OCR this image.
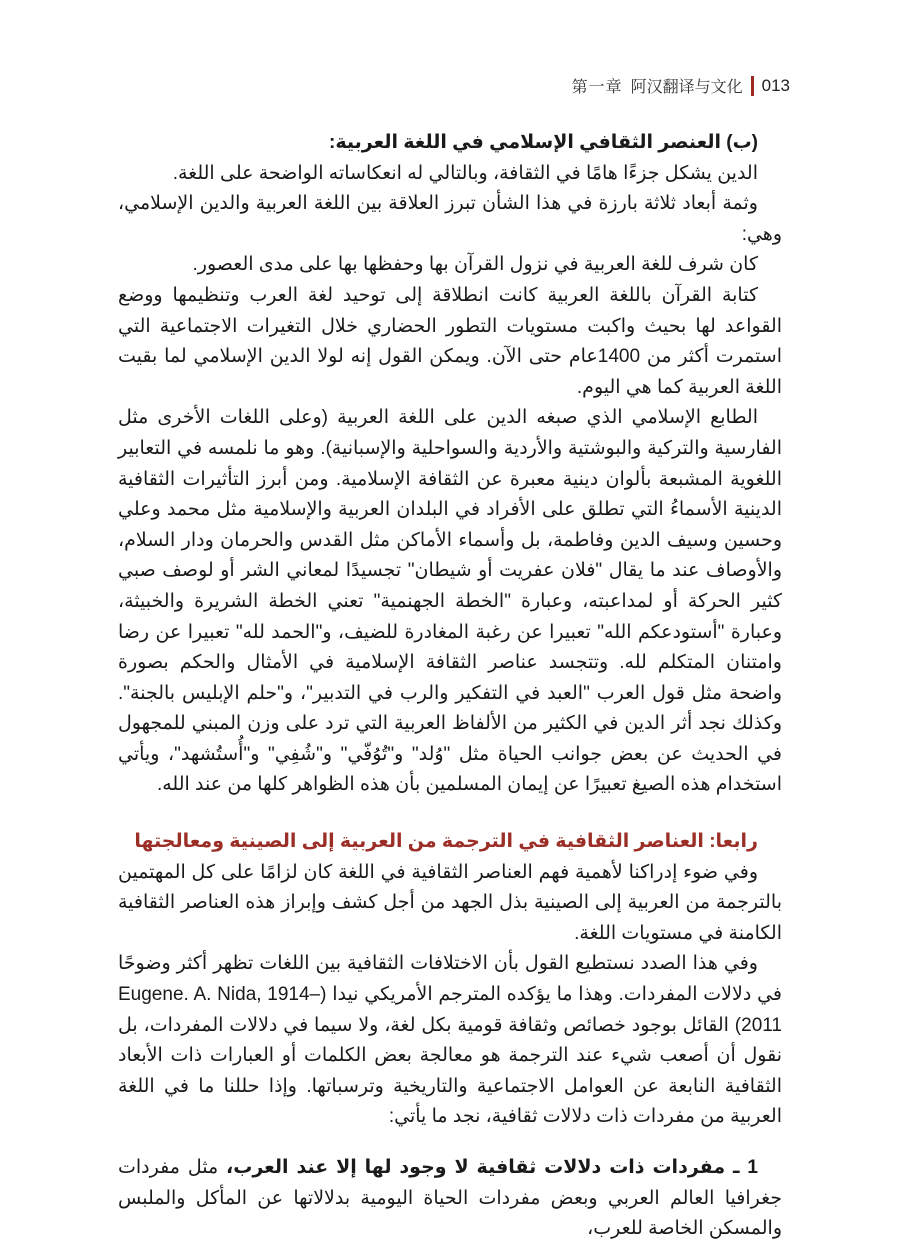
第一章 阿汉翻译与文化 013

(ب) العنصر الثقافي الإسلامي في اللغة العربية:

الدين يشكل جزءًا هامًا في الثقافة، وبالتالي له انعكاساته الواضحة على اللغة.

وثمة أبعاد ثلاثة بارزة في هذا الشأن تبرز العلاقة بين اللغة العربية والدين الإسلامي، وهي:

كان شرف للغة العربية في نزول القرآن بها وحفظها بها على مدى العصور.

كتابة القرآن باللغة العربية كانت انطلاقة إلى توحيد لغة العرب وتنظيمها ووضع القواعد لها بحيث واكبت مستويات التطور الحضاري خلال التغيرات الاجتماعية التي استمرت أكثر من 1400عام حتى الآن. ويمكن القول إنه لولا الدين الإسلامي لما بقيت اللغة العربية كما هي اليوم.

الطابع الإسلامي الذي صبغه الدين على اللغة العربية (وعلى اللغات الأخرى مثل الفارسية والتركية والبوشتية والأردية والسواحلية والإسبانية). وهو ما نلمسه في التعابير اللغوية المشبعة بألوان دينية معبرة عن الثقافة الإسلامية. ومن أبرز التأثيرات الثقافية الدينية الأسماءُ التي تطلق على الأفراد في البلدان العربية والإسلامية مثل محمد وعلي وحسين وسيف الدين وفاطمة، بل وأسماء الأماكن مثل القدس والحرمان ودار السلام، والأوصاف عند ما يقال "فلان عفريت أو شيطان" تجسيدًا لمعاني الشر أو لوصف صبي كثير الحركة أو لمداعبته، وعبارة "الخطة الجهنمية" تعني الخطة الشريرة والخبيثة، وعبارة "أستودعكم الله" تعبيرا عن رغبة المغادرة للضيف، و"الحمد لله" تعبيرا عن رضا وامتنان المتكلم لله. وتتجسد عناصر الثقافة الإسلامية في الأمثال والحكم بصورة واضحة مثل قول العرب "العبد في التفكير والرب في التدبير"، و"حلم الإبليس بالجنة". وكذلك نجد أثر الدين في الكثير من الألفاظ العربية التي ترد على وزن المبني للمجهول في الحديث عن بعض جوانب الحياة مثل "وُلد" و"تُوُفّي" و"شُفِي" و"أُستُشهد"، ويأتي استخدام هذه الصيغ تعبيرًا عن إيمان المسلمين بأن هذه الظواهر كلها من عند الله.

رابعا: العناصر الثقافية في الترجمة من العربية إلى الصينية ومعالجتها

وفي ضوء إدراكنا لأهمية فهم العناصر الثقافية في اللغة كان لزامًا على كل المهتمين بالترجمة من العربية إلى الصينية بذل الجهد من أجل كشف وإبراز هذه العناصر الثقافية الكامنة في مستويات اللغة.

وفي هذا الصدد نستطيع القول بأن الاختلافات الثقافية بين اللغات تظهر أكثر وضوحًا في دلالات المفردات. وهذا ما يؤكده المترجم الأمريكي نيدا (Eugene. A. Nida, 1914–2011) القائل بوجود خصائص وثقافة قومية بكل لغة، ولا سيما في دلالات المفردات، بل نقول أن أصعب شيء عند الترجمة هو معالجة بعض الكلمات أو العبارات ذات الأبعاد الثقافية النابعة عن العوامل الاجتماعية والتاريخية وترسباتها. وإذا حللنا ما في اللغة العربية من مفردات ذات دلالات ثقافية، نجد ما يأتي:

1 ـ مفردات ذات دلالات ثقافية لا وجود لها إلا عند العرب، مثل مفردات جغرافيا العالم العربي وبعض مفردات الحياة اليومية بدلالاتها عن المأكل والملبس والمسكن الخاصة للعرب،
